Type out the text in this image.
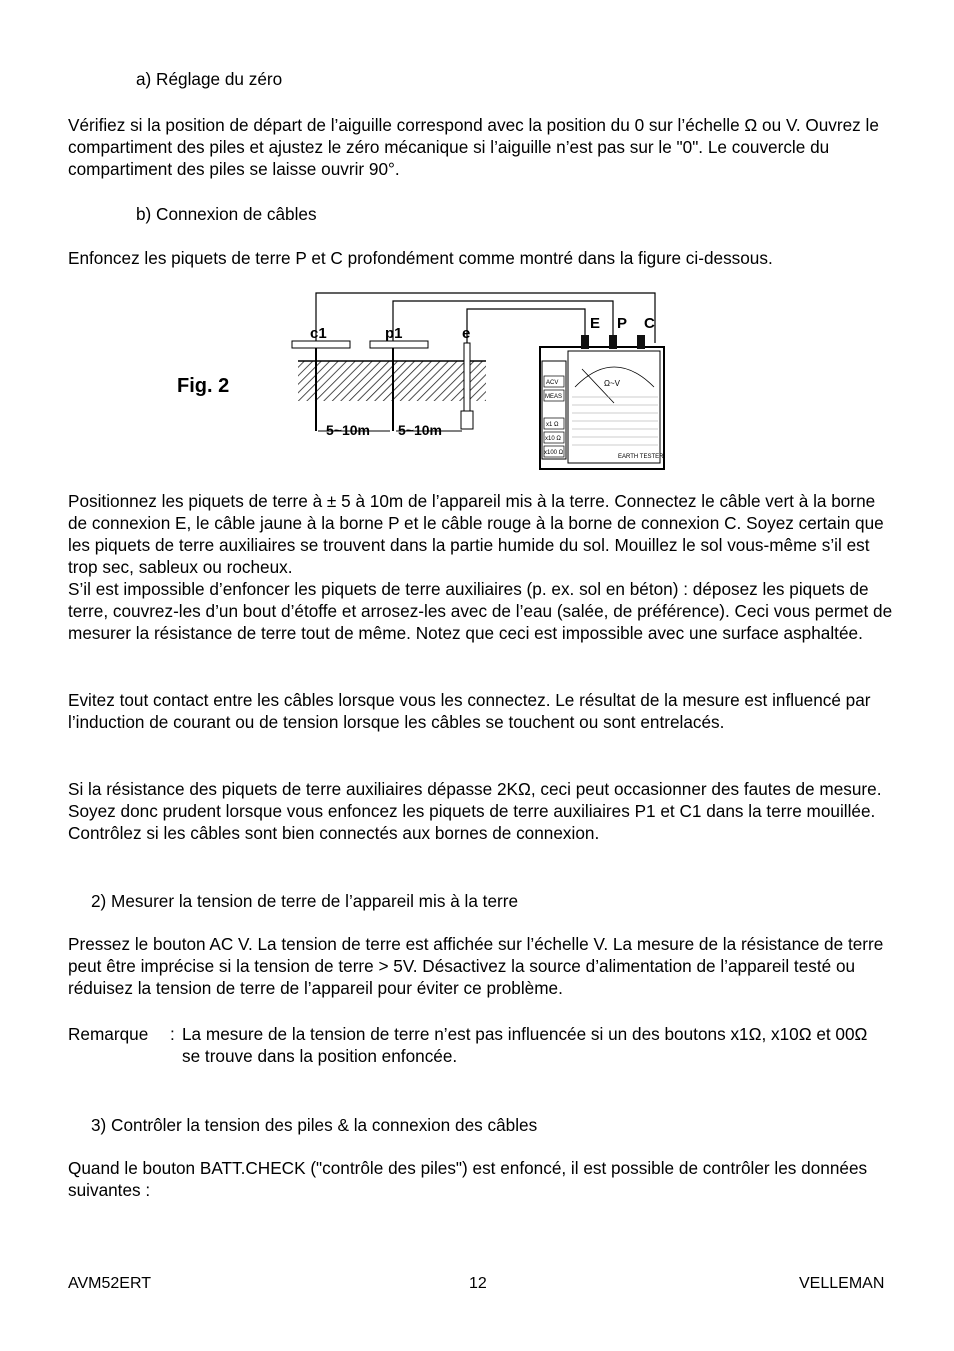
a) Réglage du zéro

Vérifiez si la position de départ de l’aiguille correspond avec la position du 0 sur l’échelle Ω ou V. Ouvrez le compartiment des piles et ajustez le zéro mécanique si l’aiguille n’est pas sur le "0". Le couvercle du compartiment des piles se laisse ouvrir 90°.

b) Connexion de câbles

Enfoncez les piquets de terre P et C profondément comme montré dans la figure ci-dessous.

Fig. 2
c1	p1	e
E P C
5~10m 5~10m
ACV
MEAS
x1 Ω
x10 Ω
x100 Ω
Ω~V
EARTH TESTER

Positionnez les piquets de terre à ± 5 à 10m de l’appareil mis à la terre. Connectez le câble vert à la borne de connexion E, le câble jaune à la borne P et le câble rouge à la borne de connexion C. Soyez certain que les piquets de terre auxiliaires se trouvent dans la partie humide du sol. Mouillez le sol vous-même s’il est trop sec, sableux ou rocheux.

S’il est impossible d’enfoncer les piquets de terre auxiliaires (p. ex. sol en béton) : déposez les piquets de terre, couvrez-les d’un bout d’étoffe et arrosez-les avec de l’eau (salée, de préférence). Ceci vous permet de mesurer la résistance de terre tout de même. Notez que ceci est impossible avec une surface asphaltée.

Evitez tout contact entre les câbles lorsque vous les connectez. Le résultat de la mesure est influencé par l’induction de courant ou de tension lorsque les câbles se touchent ou sont entrelacés.

Si la résistance des piquets de terre auxiliaires dépasse 2KΩ, ceci peut occasionner des fautes de mesure. Soyez donc prudent lorsque vous enfoncez les piquets de terre auxiliaires P1 et C1 dans la terre mouillée. Contrôlez si les câbles sont bien connectés aux bornes de connexion.

2) Mesurer la tension de terre de l’appareil mis à la terre

Pressez le bouton AC V. La tension de terre est affichée sur l’échelle V. La mesure de la résistance de terre peut être imprécise si la tension de terre > 5V. Désactivez la source d’alimentation de l’appareil testé ou réduisez la tension de terre de l’appareil pour éviter ce problème.

Remarque : La mesure de la tension de terre n’est pas influencée si un des boutons x1Ω, x10Ω et 00Ω se trouve dans la position enfoncée.
3) Contrôler la tension des piles & la connexion des câbles

Quand le bouton BATT.CHECK ("contrôle des piles") est enfoncé, il est possible de contrôler les données suivantes :

AVM52ERT	12	VELLEMAN
